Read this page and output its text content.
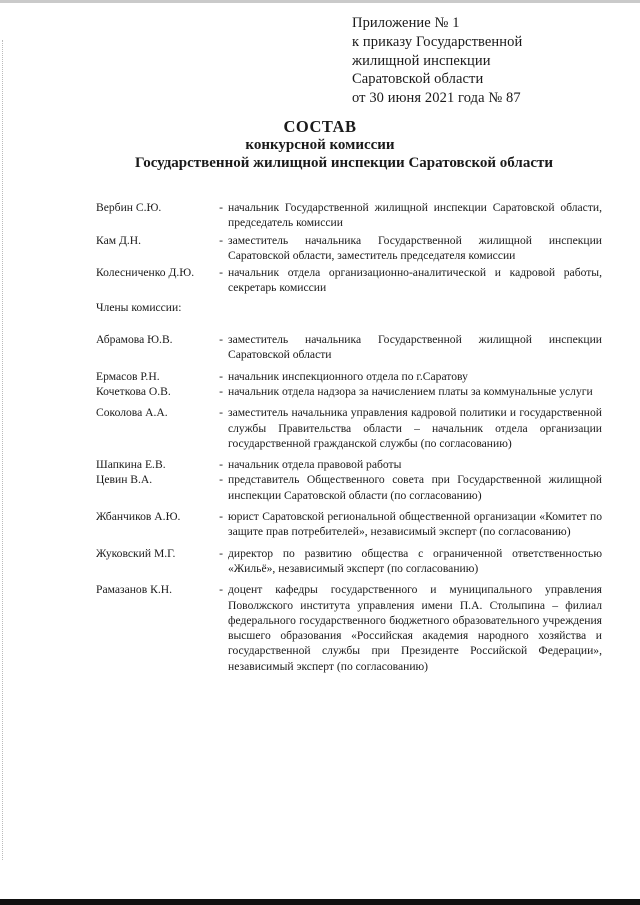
Приложение № 1
к приказу Государственной
жилищной инспекции
Саратовской области
от 30 июня 2021 года № 87
СОСТАВ
конкурсной комиссии
Государственной жилищной инспекции Саратовской области
Вербин С.Ю.	- начальник Государственной жилищной инспекции Саратовской области, председатель комиссии
Кам Д.Н.	- заместитель начальника Государственной жилищной инспекции Саратовской области, заместитель председателя комиссии
Колесниченко Д.Ю.	- начальник отдела организационно-аналитической и кадровой работы, секретарь комиссии
Члены комиссии:
Абрамова Ю.В.	- заместитель начальника Государственной жилищной инспекции Саратовской области
Ермасов Р.Н.	- начальник инспекционного отдела по г.Саратову
Кочеткова О.В.	- начальник отдела надзора за начислением платы за коммунальные услуги
Соколова А.А.	- заместитель начальника управления кадровой политики и государственной службы Правительства области – начальник отдела организации государственной гражданской службы (по согласованию)
Шапкина Е.В.	- начальник отдела правовой работы
Цевин В.А.	- представитель Общественного совета при Государственной жилищной инспекции Саратовской области (по согласованию)
Жбанчиков А.Ю.	- юрист Саратовской региональной общественной организации «Комитет по защите прав потребителей», независимый эксперт (по согласованию)
Жуковский М.Г.	- директор по развитию общества с ограниченной ответственностью «Жильё», независимый эксперт (по согласованию)
Рамазанов К.Н.	- доцент кафедры государственного и муниципального управления Поволжского института управления имени П.А. Столыпина – филиал федерального государственного бюджетного образовательного учреждения высшего образования «Российская академия народного хозяйства и государственной службы при Президенте Российской Федерации», независимый эксперт (по согласованию)
